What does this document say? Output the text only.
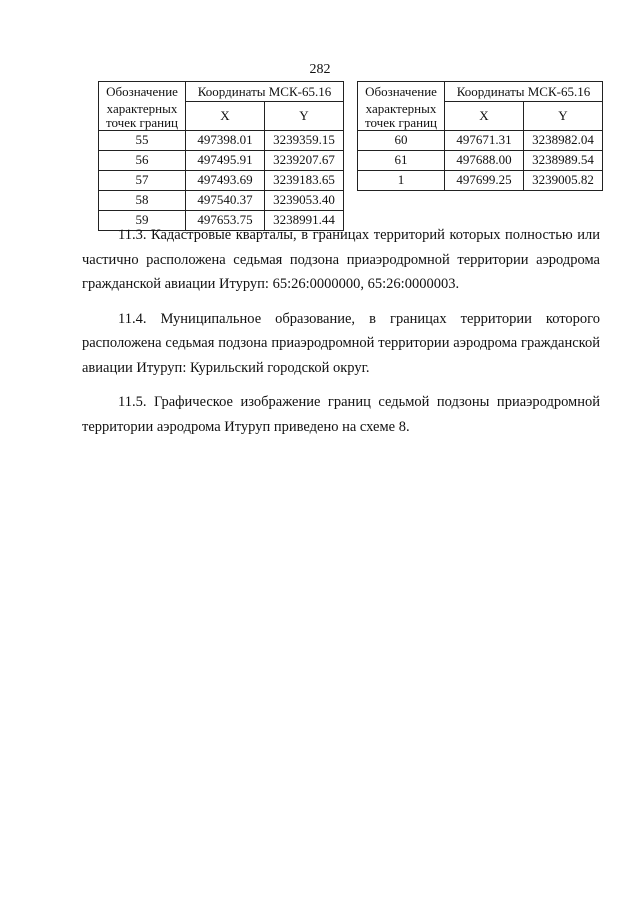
282
Обозначение	Координаты МСК-65.16	
характерных точек границ	X	Y
55	497398.01	3239359.15
56	497495.91	3239207.67
57	497493.69	3239183.65
58	497540.37	3239053.40
59	497653.75	3238991.44
Обозначение	Координаты МСК-65.16	
характерных точек границ	X	Y
60	497671.31	3238982.04
61	497688.00	3238989.54
1	497699.25	3239005.82

11.3. Кадастровые кварталы, в границах территорий которых полностью или частично расположена седьмая подзона приаэродромной территории аэродрома гражданской авиации Итуруп: 65:26:0000000, 65:26:0000003.

11.4. Муниципальное образование, в границах территории которого расположена седьмая подзона приаэродромной территории аэродрома гражданской авиации Итуруп: Курильский городской округ.

11.5. Графическое изображение границ седьмой подзоны приаэродромной территории аэродрома Итуруп приведено на схеме 8.
